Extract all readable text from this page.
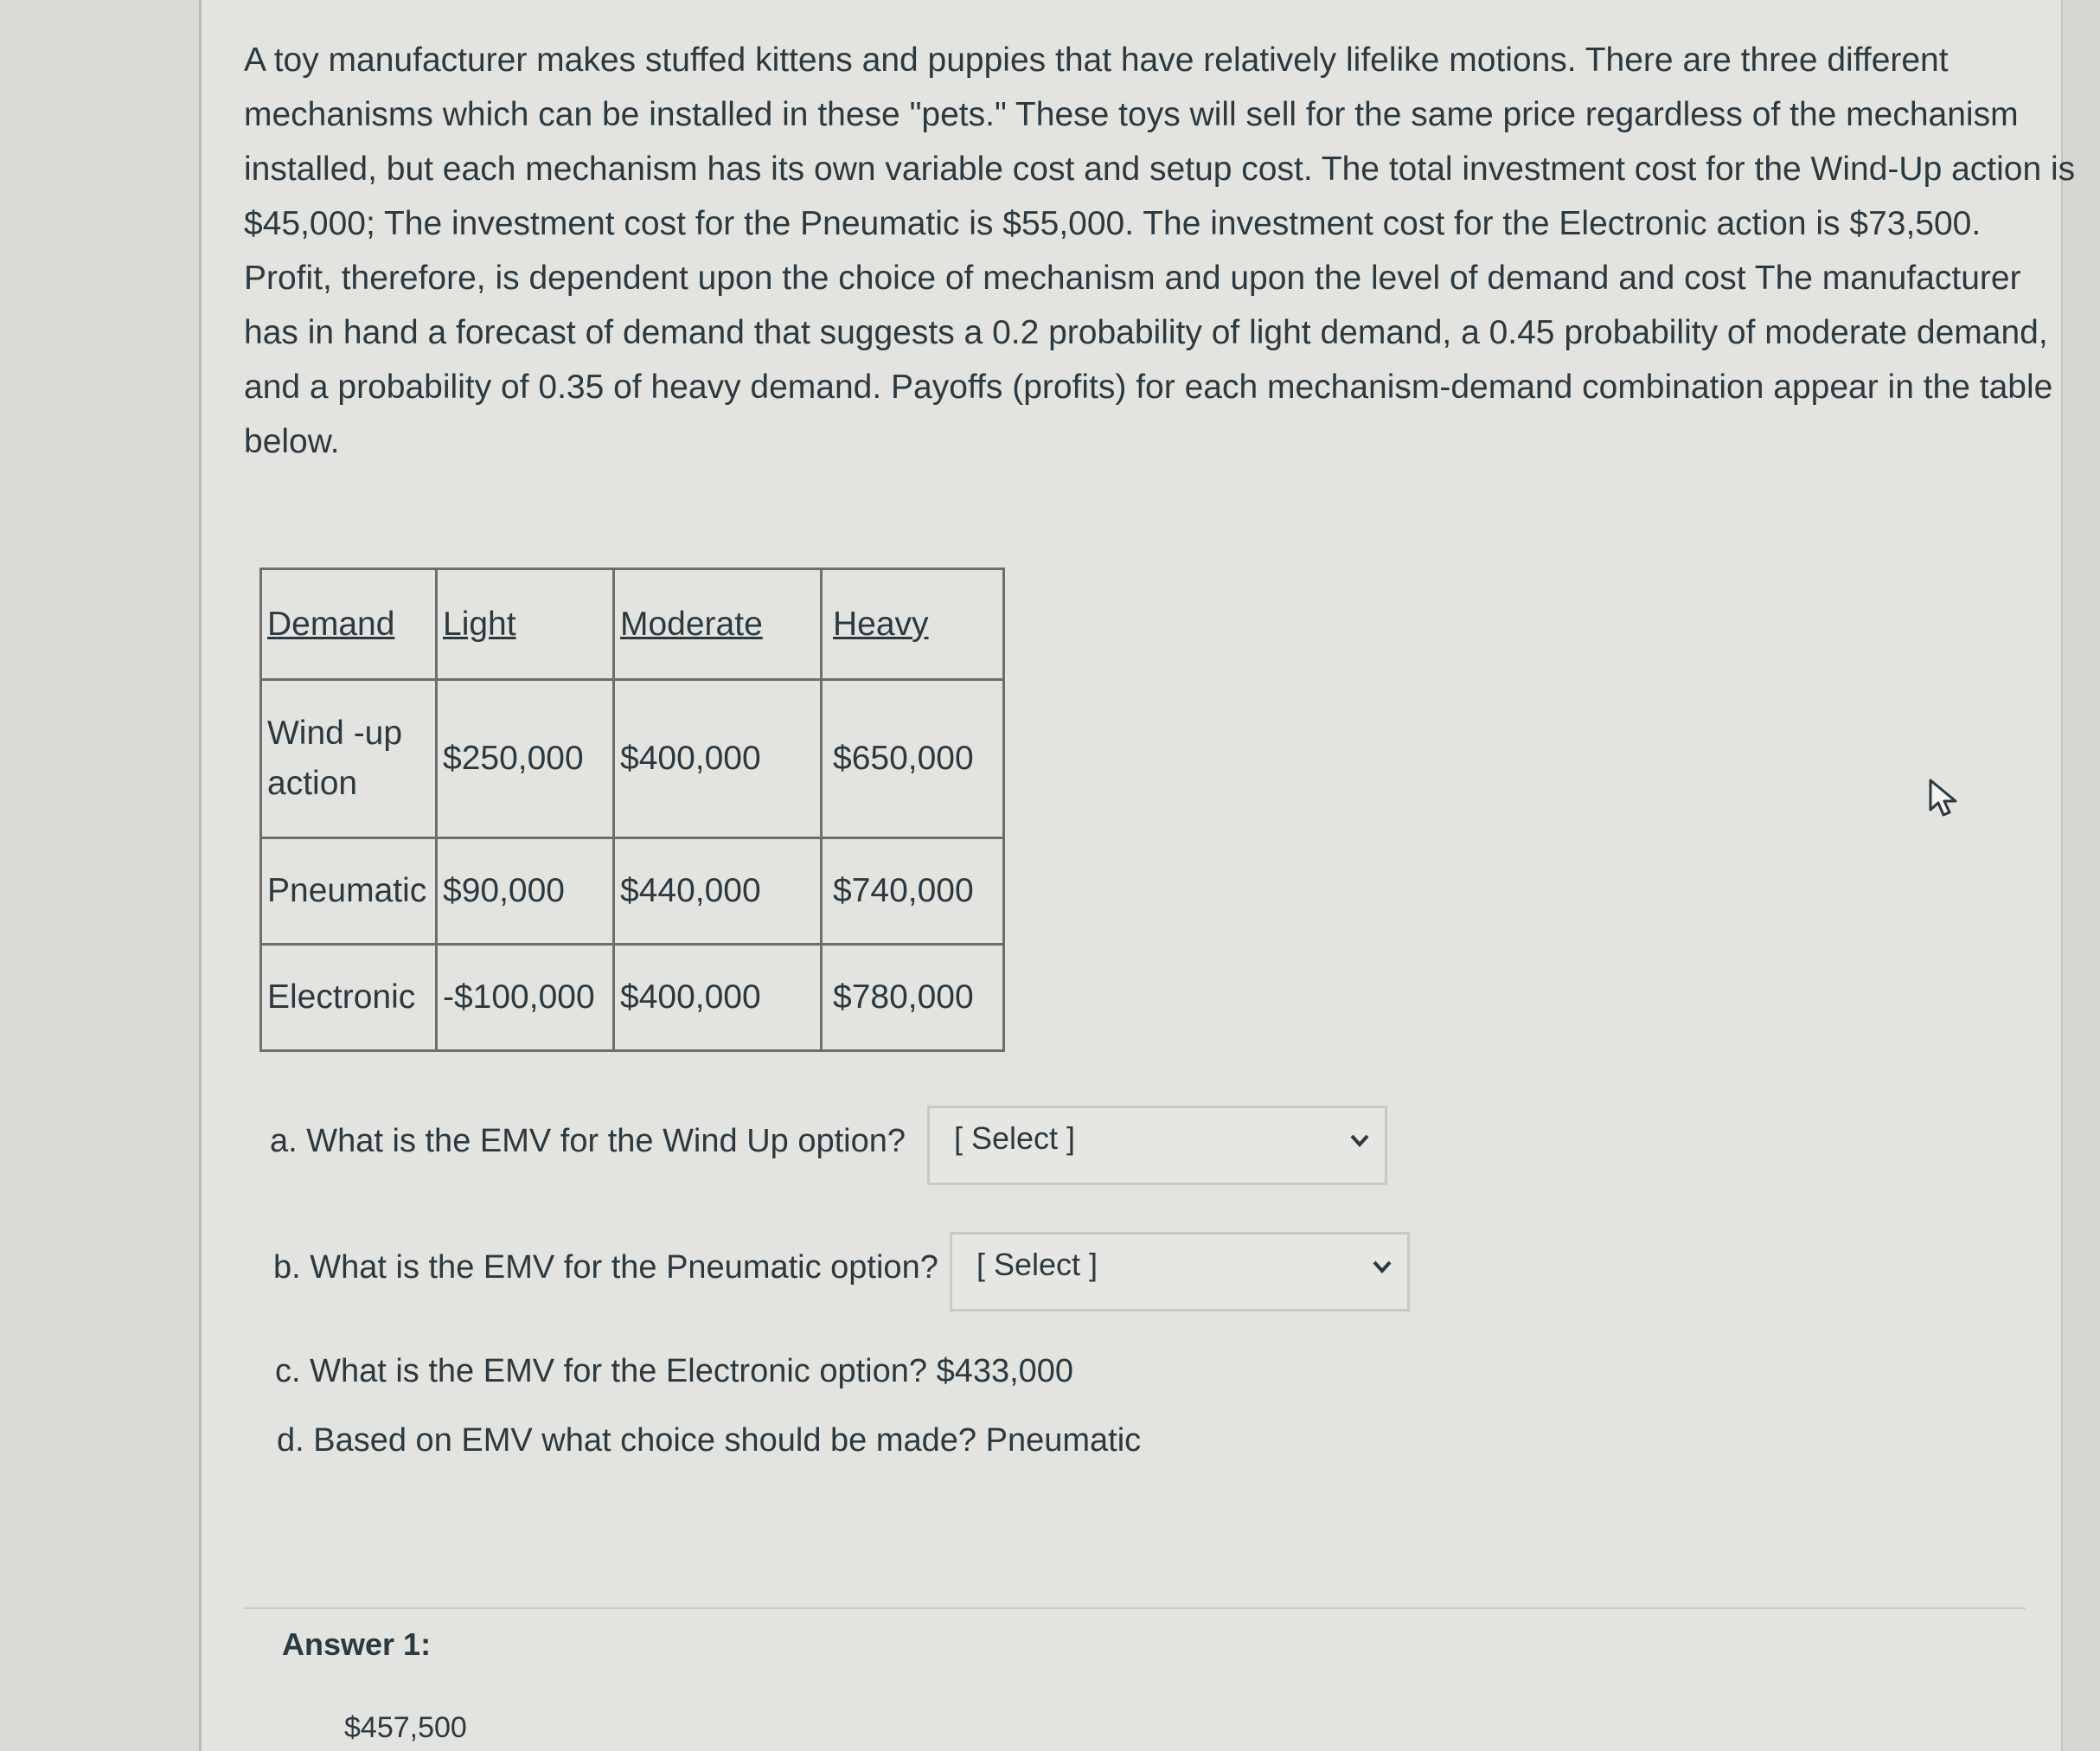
A toy manufacturer makes stuffed kittens and puppies that have relatively lifelike motions. There are three different mechanisms which can be installed in these "pets." These toys will sell for the same price regardless of the mechanism installed, but each mechanism has its own variable cost and setup cost. The total investment cost for the Wind-Up action is $45,000; The investment cost for the Pneumatic is $55,000. The investment cost for the Electronic action is $73,500. Profit, therefore, is dependent upon the choice of mechanism and upon the level of demand and cost The manufacturer has in hand a forecast of demand that suggests a 0.2 probability of light demand, a 0.45 probability of moderate demand, and a probability of 0.35 of heavy demand. Payoffs (profits) for each mechanism-demand combination appear in the table below.

Demand	Light	Moderate	Heavy

Wind -up
action	$250,000	$400,000	$650,000
Pneumatic	$90,000	$440,000	$740,000
Electronic	-$100,000	$400,000	$780,000
a. What is the EMV for the Wind Up option? [ Select ]
b. What is the EMV for the Pneumatic option? [ Select ]
c. What is the EMV for the Electronic option? $433,000
d. Based on EMV what choice should be made? Pneumatic
Answer 1:
$457,500
